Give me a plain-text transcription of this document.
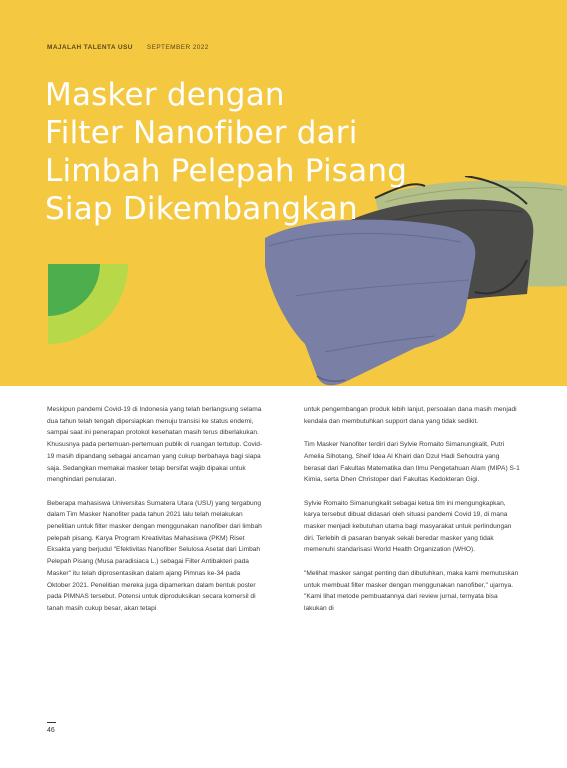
MAJALAH TALENTA USU SEPTEMBER 2022
Masker dengan
Filter Nanofiber dari
Limbah Pelepah Pisang
Siap Dikembangkan

Meskipun pandemi Covid-19 di Indonesia yang telah berlangsung selama dua tahun telah tengah dipersiapkan menuju transisi ke status endemi, sampai saat ini penerapan protokol kesehatan masih terus diberlakukan. Khususnya pada pertemuan-pertemuan publik di ruangan tertutup. Covid-19 masih dipandang sebagai ancaman yang cukup berbahaya bagi siapa saja. Sedangkan memakai masker tetap bersifat wajib dipakai untuk menghindari penularan.

Beberapa mahasiswa Universitas Sumatera Utara (USU) yang tergabung dalam Tim Masker Nanofiter pada tahun 2021 lalu telah melakukan penelitian untuk filter masker dengan menggunakan nanofiber dari limbah pelepah pisang. Karya Program Kreativitas Mahasiswa (PKM) Riset Eksakta yang berjudul "Efektivitas Nanofiber Selulosa Asetat dari Limbah Pelepah Pisang (Musa paradisiaca L.) sebagai Filter Antibakteri pada Masker" itu telah diprosentasikan dalam ajang Pimnas ke-34 pada Oktober 2021. Penelitian mereka juga dipamerkan dalam bentuk poster pada PIMNAS tersebut. Potensi untuk diproduksikan secara komersil di tanah masih cukup besar, akan tetapi

untuk pengembangan produk lebih lanjut, persoalan dana masih menjadi kendala dan membutuhkan support dana yang tidak sedikit.

Tim Masker Nanofiter terdiri dari Sylvie Romaito Simanungkalit, Putri Amelia Sihotang, Sheif Idea Al Khairi dan Dzul Hadi Sehoutra yang berasal dari Fakultas Matematika dan Ilmu Pengetahuan Alam (MIPA) S-1 Kimia, serta Dhen Christoper dari Fakultas Kedokteran Gigi.

Sylvie Romaito Simanungkalit sebagai ketua tim ini mengungkapkan, karya tersebut dibuat didasari oleh situasi pandemi Covid 19, di mana masker menjadi kebutuhan utama bagi masyarakat untuk perlindungan diri. Terlebih di pasaran banyak sekali beredar masker yang tidak memenuhi standarisasi World Health Organization (WHO).

"Melihat masker sangat penting dan dibutuhkan, maka kami memutuskan untuk membuat filter masker dengan menggunakan nanofiber," ujarnya. "Kami lihat metode pembuatannya dari review jurnal, ternyata bisa lakukan di

46
